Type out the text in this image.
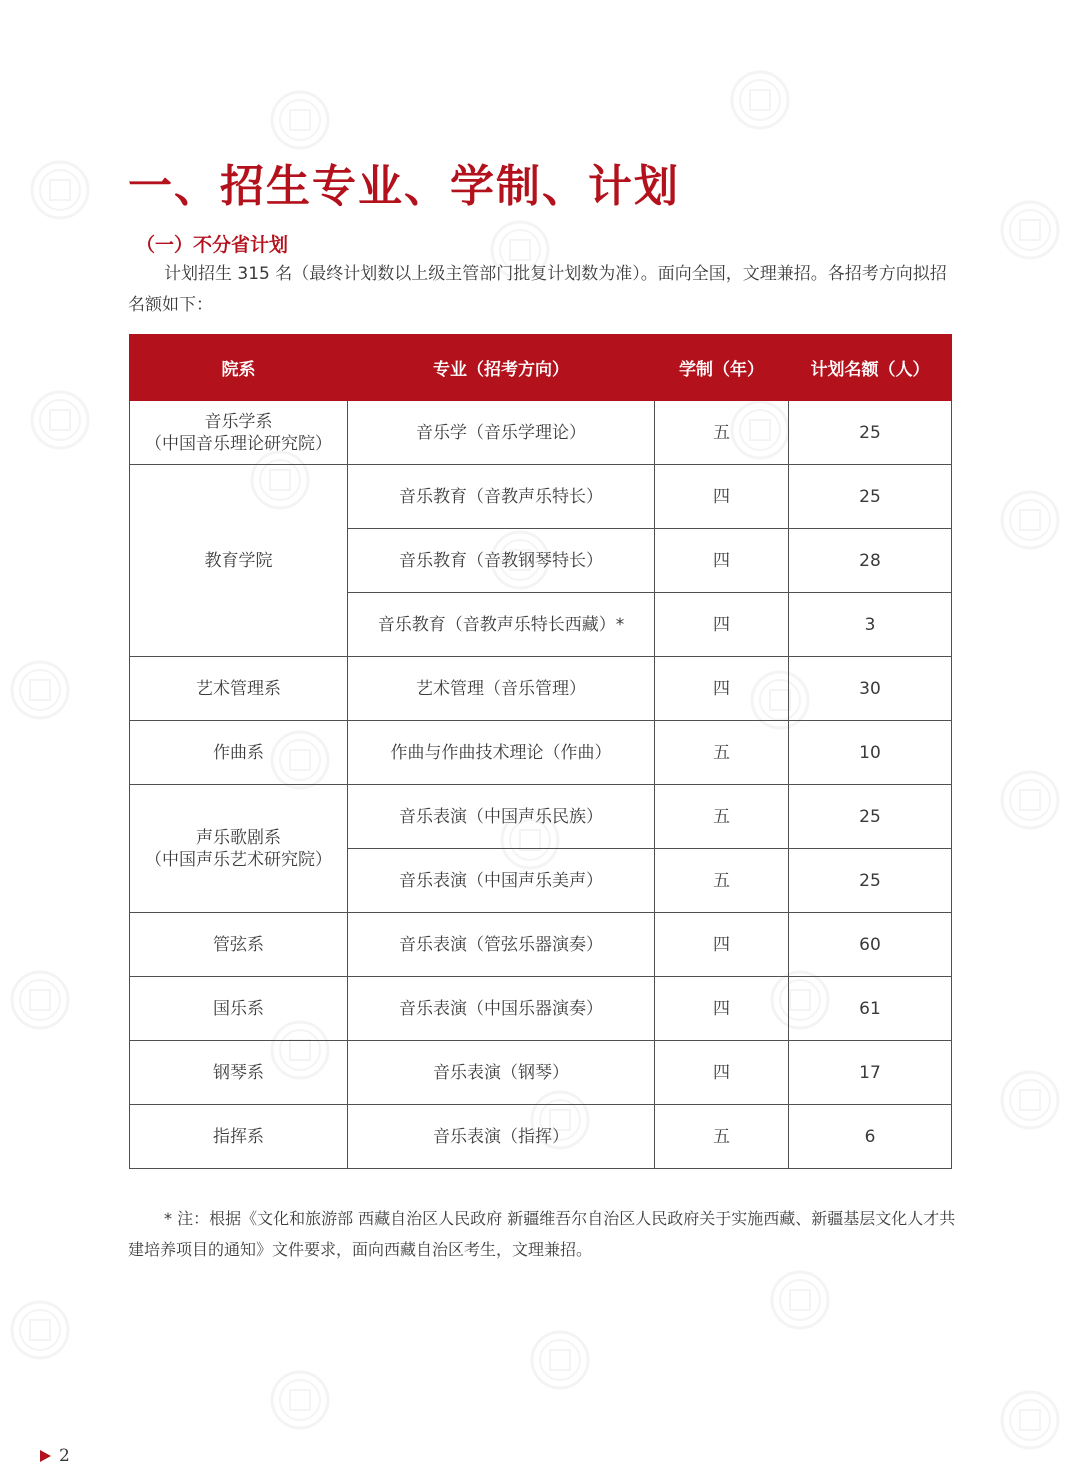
一、招生专业、学制、计划
（一）不分省计划

计划招生 315 名（最终计划数以上级主管部门批复计划数为准）。面向全国，文理兼招。各招考方向拟招名额如下：

院系	专业（招考方向）	学制（年）	计划名额（人）

音乐学系
（中国音乐理论研究院）	音乐学（音乐学理论）	五	25
教育学院	音乐教育（音教声乐特长）	四	25
	音乐教育（音教钢琴特长）	四	28
	音乐教育（音教声乐特长西藏）*	四	3
艺术管理系	艺术管理（音乐管理）	四	30
作曲系	作曲与作曲技术理论（作曲）	五	10

声乐歌剧系
（中国声乐艺术研究院）	音乐表演（中国声乐民族）	五	25
	音乐表演（中国声乐美声）	五	25
管弦系	音乐表演（管弦乐器演奏）	四	60
国乐系	音乐表演（中国乐器演奏）	四	61
钢琴系	音乐表演（钢琴）	四	17
指挥系	音乐表演（指挥）	五	6

* 注：根据《文化和旅游部 西藏自治区人民政府 新疆维吾尔自治区人民政府关于实施西藏、新疆基层文化人才共建培养项目的通知》文件要求，面向西藏自治区考生，文理兼招。

2
